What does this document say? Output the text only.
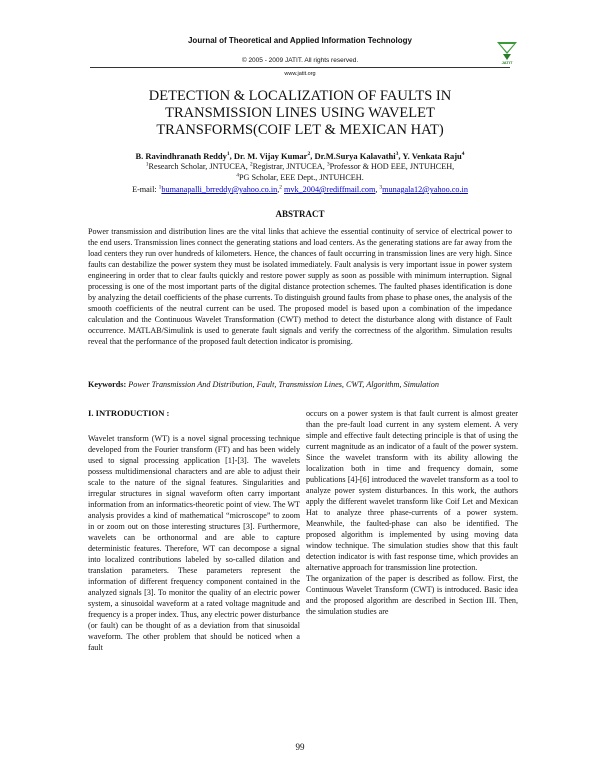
Journal of Theoretical and Applied Information Technology
© 2005 - 2009 JATIT. All rights reserved.
www.jatit.org
JATIT
DETECTION & LOCALIZATION OF FAULTS IN
TRANSMISSION LINES USING WAVELET
TRANSFORMS(COIF LET & MEXICAN HAT)
B. Ravindhranath Reddy$^1$, Dr. M. Vijay Kumar$^2$, Dr.M.Surya Kalavathi$^3$, Y. Venkata Raju$^4$
$^1$Research Scholar, JNTUCEA, $^2$Registrar, JNTUCEA, $^3$Professor & HOD EEE, JNTUHCEH,
$^4$PG Scholar, EEE Dept., JNTUHCEH.
E-mail: $^1$bumanapalli_brreddy@yahoo.co.in,$^2$ mvk_2004@rediffmail.com, $^3$munagala12@yahoo.co.in
ABSTRACT
Power transmission and distribution lines are the vital links that achieve the essential continuity of service of electrical power to the end users. Transmission lines connect the generating stations and load centers. As the generating stations are far away from the load centers they run over hundreds of kilometers. Hence, the chances of fault occurring in transmission lines are very high. Since faults can destabilize the power system they must be isolated immediately. Fault analysis is very important issue in power system engineering in order that to clear faults quickly and restore power supply as soon as possible with minimum interruption. Signal processing is one of the most important parts of the digital distance protection schemes. The faulted phases identification is done by analyzing the detail coefficients of the phase currents. To distinguish ground faults from phase to phase ones, the analysis of the smooth coefficients of the neutral current can be used. The proposed model is based upon a combination of the impedance calculation and the Continuous Wavelet Transformation (CWT) method to detect the disturbance along with distance of Fault occurrence. MATLAB/Simulink is used to generate fault signals and verify the correctness of the algorithm. Simulation results reveal that the performance of the proposed fault detection indicator is promising.
Keywords: Power Transmission And Distribution, Fault, Transmission Lines, CWT, Algorithm, Simulation
I. INTRODUCTION :
Wavelet transform (WT) is a novel signal processing technique developed from the Fourier transform (FT) and has been widely used to signal processing application [1]-[3]. The wavelets possess multidimensional characters and are able to adjust their scale to the nature of the signal features. Singularities and irregular structures in signal waveform often carry important information from an informatics-theoretic point of view. The WT analysis provides a kind of mathematical “microscope” to zoom in or zoom out on those interesting structures [3]. Furthermore, wavelets can be orthonormal and are able to capture deterministic features. Therefore, WT can decompose a signal into localized contributions labeled by so-called dilation and translation parameters. These parameters represent the information of different frequency component contained in the analyzed signals [3]. To monitor the quality of an electric power system, a sinusoidal waveform at a rated voltage magnitude and frequency is a proper index. Thus, any electric power disturbance (or fault) can be thought of as a deviation from that sinusoidal waveform. The other problem that should be noticed when a fault
occurs on a power system is that fault current is almost greater than the pre-fault load current in any system element. A very simple and effective fault detecting principle is that of using the current magnitude as an indicator of a fault of the power system. Since the wavelet transform with its ability allowing the localization both in time and frequency domain, some publications [4]-[6] introduced the wavelet transform as a tool to analyze power system disturbances. In this work, the authors apply the different wavelet transform like Coif Let and Mexican Hat to analyze three phase-currents of a power system. Meanwhile, the faulted-phase can also be identified. The proposed algorithm is implemented by using moving data window technique. The simulation studies show that this fault detection indicator is with fast response time, which provides an alternative approach for transmission line protection.
The organization of the paper is described as follow. First, the Continuous Wavelet Transform (CWT) is introduced. Basic idea and the proposed algorithm are described in Section III. Then, the simulation studies are
99
